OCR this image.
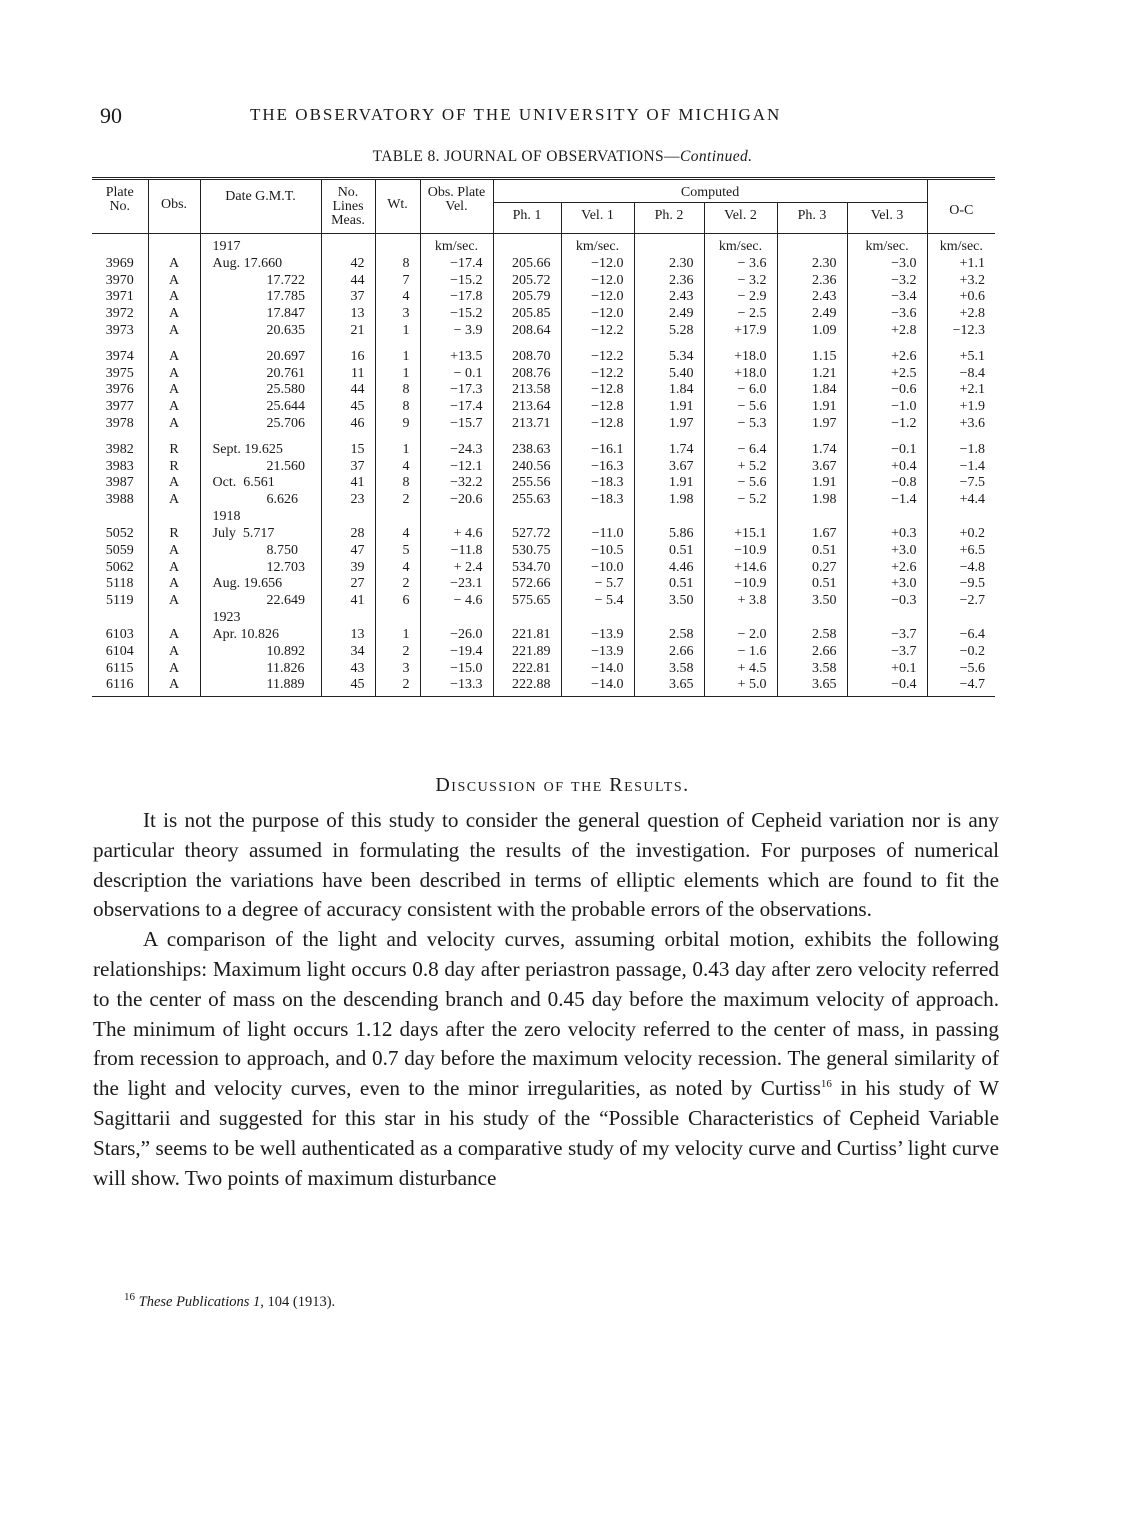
90	THE OBSERVATORY OF THE UNIVERSITY OF MICHIGAN
TABLE 8. JOURNAL OF OBSERVATIONS—Continued.
Plate No.	Obs.	Date G.M.T.	No. Lines Meas.	Wt.	Obs. Plate Vel.	Computed						O-C
						Ph. 1	Vel. 1	Ph. 2	Vel. 2	Ph. 3	Vel. 3	
		1917			km/sec.		km/sec.		km/sec.		km/sec.	km/sec.
3969	A	Aug. 17.660	42	8	−17.4	205.66	−12.0	2.30	− 3.6	2.30	−3.0	+1.1
3970	A	17.722	44	7	−15.2	205.72	−12.0	2.36	− 3.2	2.36	−3.2	+3.2
3971	A	17.785	37	4	−17.8	205.79	−12.0	2.43	− 2.9	2.43	−3.4	+0.6
3972	A	17.847	13	3	−15.2	205.85	−12.0	2.49	− 2.5	2.49	−3.6	+2.8
3973	A	20.635	21	1	− 3.9	208.64	−12.2	5.28	+17.9	1.09	+2.8	−12.3

3974	A	20.697	16	1	+13.5	208.70	−12.2	5.34	+18.0	1.15	+2.6	+5.1
3975	A	20.761	11	1	− 0.1	208.76	−12.2	5.40	+18.0	1.21	+2.5	−8.4
3976	A	25.580	44	8	−17.3	213.58	−12.8	1.84	− 6.0	1.84	−0.6	+2.1
3977	A	25.644	45	8	−17.4	213.64	−12.8	1.91	− 5.6	1.91	−1.0	+1.9
3978	A	25.706	46	9	−15.7	213.71	−12.8	1.97	− 5.3	1.97	−1.2	+3.6

3982	R	Sept. 19.625	15	1	−24.3	238.63	−16.1	1.74	− 6.4	1.74	−0.1	−1.8
3983	R	21.560	37	4	−12.1	240.56	−16.3	3.67	+ 5.2	3.67	+0.4	−1.4
3987	A	Oct.  6.561	41	8	−32.2	255.56	−18.3	1.91	− 5.6	1.91	−0.8	−7.5
3988	A	6.626	23	2	−20.6	255.63	−18.3	1.98	− 5.2	1.98	−1.4	+4.4
		1918										
5052	R	July  5.717	28	4	+ 4.6	527.72	−11.0	5.86	+15.1	1.67	+0.3	+0.2
5059	A	8.750	47	5	−11.8	530.75	−10.5	0.51	−10.9	0.51	+3.0	+6.5
5062	A	12.703	39	4	+ 2.4	534.70	−10.0	4.46	+14.6	0.27	+2.6	−4.8
5118	A	Aug. 19.656	27	2	−23.1	572.66	− 5.7	0.51	−10.9	0.51	+3.0	−9.5
5119	A	22.649	41	6	− 4.6	575.65	− 5.4	3.50	+ 3.8	3.50	−0.3	−2.7
		1923										
6103	A	Apr. 10.826	13	1	−26.0	221.81	−13.9	2.58	− 2.0	2.58	−3.7	−6.4
6104	A	10.892	34	2	−19.4	221.89	−13.9	2.66	− 1.6	2.66	−3.7	−0.2
6115	A	11.826	43	3	−15.0	222.81	−14.0	3.58	+ 4.5	3.58	+0.1	−5.6
6116	A	11.889	45	2	−13.3	222.88	−14.0	3.65	+ 5.0	3.65	−0.4	−4.7
Discussion of the Results.

It is not the purpose of this study to consider the general question of Cepheid variation nor is any particular theory assumed in formulating the results of the investigation. For purposes of numerical description the variations have been described in terms of elliptic elements which are found to fit the observations to a degree of accuracy consistent with the probable errors of the observations.

A comparison of the light and velocity curves, assuming orbital motion, exhibits the following relationships: Maximum light occurs 0.8 day after periastron passage, 0.43 day after zero velocity referred to the center of mass on the descending branch and 0.45 day before the maximum velocity of approach. The minimum of light occurs 1.12 days after the zero velocity referred to the center of mass, in passing from recession to approach, and 0.7 day before the maximum velocity recession. The general similarity of the light and velocity curves, even to the minor irregularities, as noted by Curtiss$^{16}$ in his study of W Sagittarii and suggested for this star in his study of the “Possible Characteristics of Cepheid Variable Stars,” seems to be well authenticated as a comparative study of my velocity curve and Curtiss’ light curve will show. Two points of maximum disturbance

$^{16}$ These Publications 1, 104 (1913).
